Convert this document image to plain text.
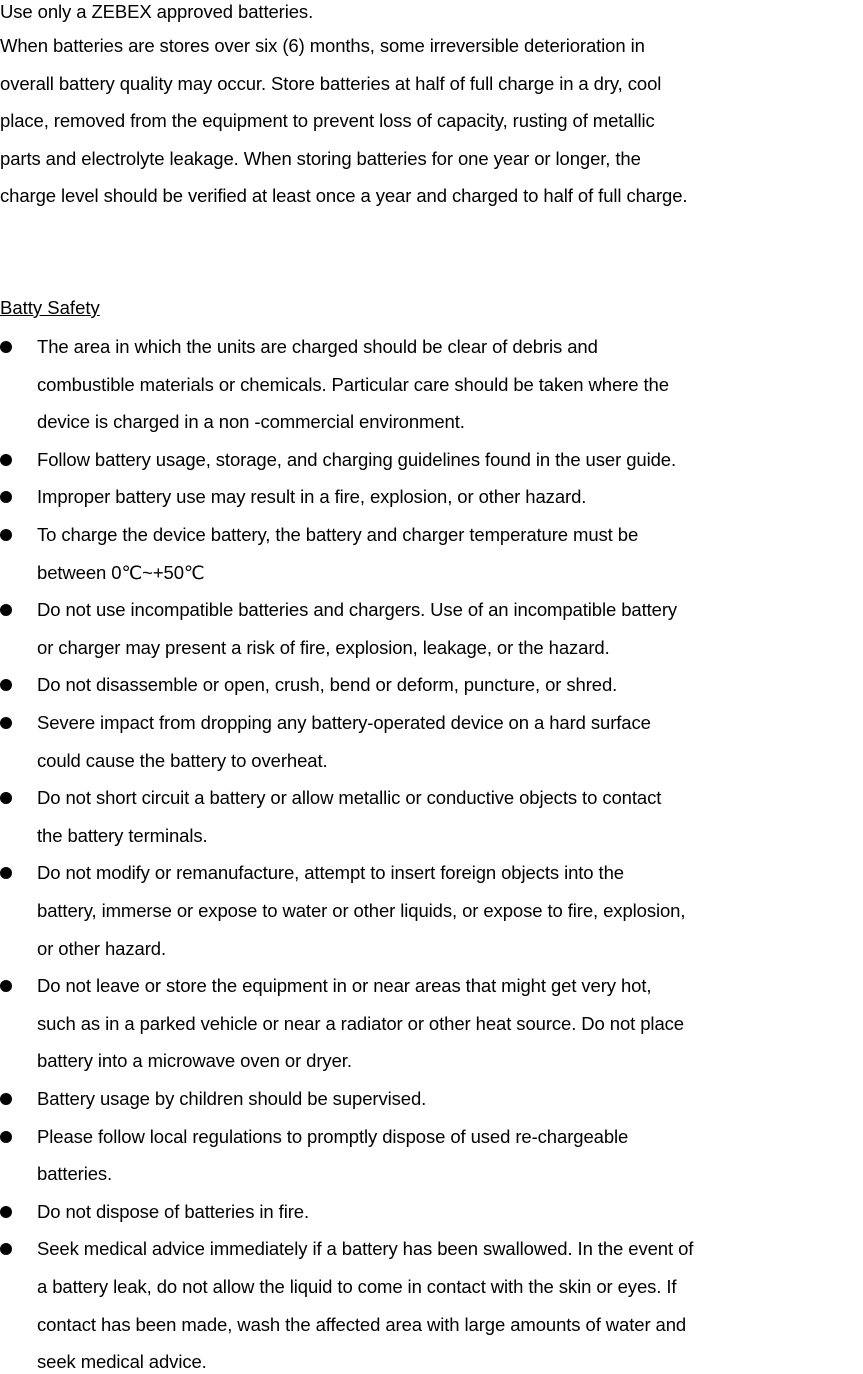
Use only a ZEBEX approved batteries.
When batteries are stores over six (6) months, some irreversible deterioration in
overall battery quality may occur. Store batteries at half of full charge in a dry, cool
place, removed from the equipment to prevent loss of capacity, rusting of metallic
parts and electrolyte leakage. When storing batteries for one year or longer, the
charge level should be verified at least once a year and charged to half of full charge.
Batty Safety
The area in which the units are charged should be clear of debris and
combustible materials or chemicals. Particular care should be taken where the
device is charged in a non -commercial environment.
Follow battery usage, storage, and charging guidelines found in the user guide.
Improper battery use may result in a fire, explosion, or other hazard.
To charge the device battery, the battery and charger temperature must be
between 0℃~+50℃
Do not use incompatible batteries and chargers. Use of an incompatible battery
or charger may present a risk of fire, explosion, leakage, or the hazard.
Do not disassemble or open, crush, bend or deform, puncture, or shred.
Severe impact from dropping any battery-operated device on a hard surface
could cause the battery to overheat.
Do not short circuit a battery or allow metallic or conductive objects to contact
the battery terminals.
Do not modify or remanufacture, attempt to insert foreign objects into the
battery, immerse or expose to water or other liquids, or expose to fire, explosion,
or other hazard.
Do not leave or store the equipment in or near areas that might get very hot,
such as in a parked vehicle or near a radiator or other heat source. Do not place
battery into a microwave oven or dryer.
Battery usage by children should be supervised.
Please follow local regulations to promptly dispose of used re-chargeable
batteries.
Do not dispose of batteries in fire.
Seek medical advice immediately if a battery has been swallowed. In the event of
a battery leak, do not allow the liquid to come in contact with the skin or eyes. If
contact has been made, wash the affected area with large amounts of water and
seek medical advice.
